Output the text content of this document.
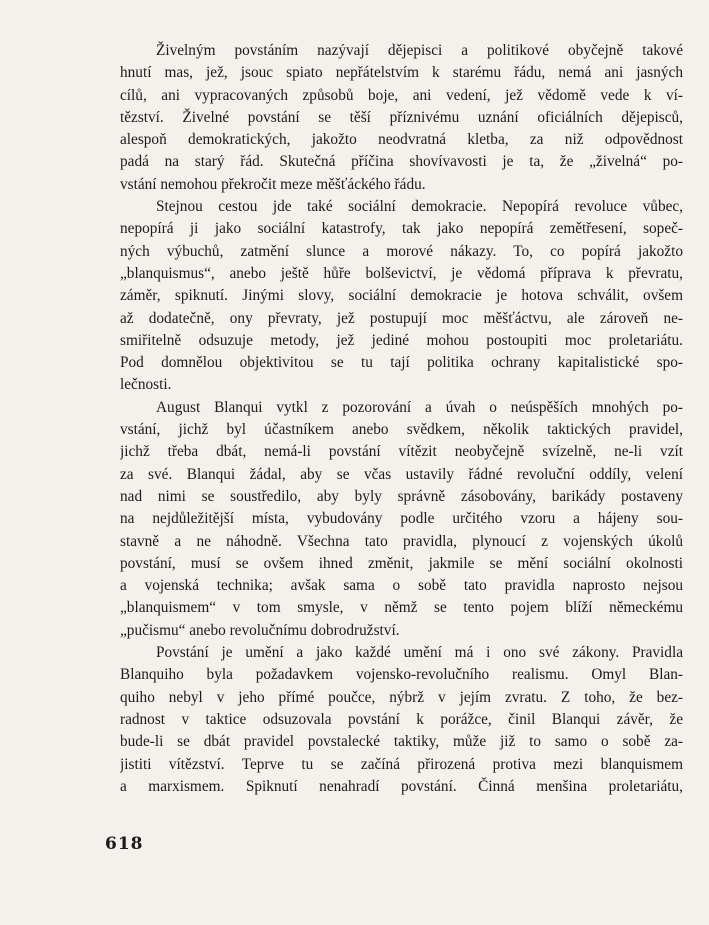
Živelným povstáním nazývají dějepisci a politikové obyčejně takové
hnutí mas, jež, jsouc spiato nepřátelstvím k starému řádu, nemá ani jasných
cílů, ani vypracovaných způsobů boje, ani vedení, jež vědomě vede k ví-
tězství. Živelné povstání se těší příznivému uznání oficiálních dějepisců,
alespoň demokratických, jakožto neodvratná kletba, za niž odpovědnost
padá na starý řád. Skutečná příčina shovívavosti je ta, že „živelná“ po-
vstání nemohou překročit meze měšťáckého řádu.
Stejnou cestou jde také sociální demokracie. Nepopírá revoluce vůbec,
nepopírá ji jako sociální katastrofy, tak jako nepopírá zemětřesení, sopeč-
ných výbuchů, zatmění slunce a morové nákazy. To, co popírá jakožto
„blanquismus“, anebo ještě hůře bolševictví, je vědomá příprava k převratu,
záměr, spiknutí. Jinými slovy, sociální demokracie je hotova schválit, ovšem
až dodatečně, ony převraty, jež postupují moc měšťáctvu, ale zároveň ne-
smiřitelně odsuzuje metody, jež jediné mohou postoupiti moc proletariátu.
Pod domnělou objektivitou se tu tají politika ochrany kapitalistické spo-
lečnosti.
August Blanqui vytkl z pozorování a úvah o neúspěších mnohých po-
vstání, jichž byl účastníkem anebo svědkem, několik taktických pravidel,
jichž třeba dbát, nemá-li povstání vítězit neobyčejně svízelně, ne-li vzít
za své. Blanqui žádal, aby se včas ustavily řádné revoluční oddíly, velení
nad nimi se soustředilo, aby byly správně zásobovány, barikády postaveny
na nejdůležitější místa, vybudovány podle určitého vzoru a hájeny sou-
stavně a ne náhodně. Všechna tato pravidla, plynoucí z vojenských úkolů
povstání, musí se ovšem ihned změnit, jakmile se mění sociální okolnosti
a vojenská technika; avšak sama o sobě tato pravidla naprosto nejsou
„blanquismem“ v tom smysle, v němž se tento pojem blíží německému
„pučismu“ anebo revolučnímu dobrodružství.
Povstání je umění a jako každé umění má i ono své zákony. Pravidla
Blanquiho byla požadavkem vojensko-revolučního realismu. Omyl Blan-
quiho nebyl v jeho přímé poučce, nýbrž v jejím zvratu. Z toho, že bez-
radnost v taktice odsuzovala povstání k porážce, činil Blanqui závěr, že
bude-li se dbát pravidel povstalecké taktiky, může již to samo o sobě za-
jistiti vítězství. Teprve tu se začíná přirozená protiva mezi blanquismem
a marxismem. Spiknutí nenahradí povstání. Činná menšina proletariátu,
618
